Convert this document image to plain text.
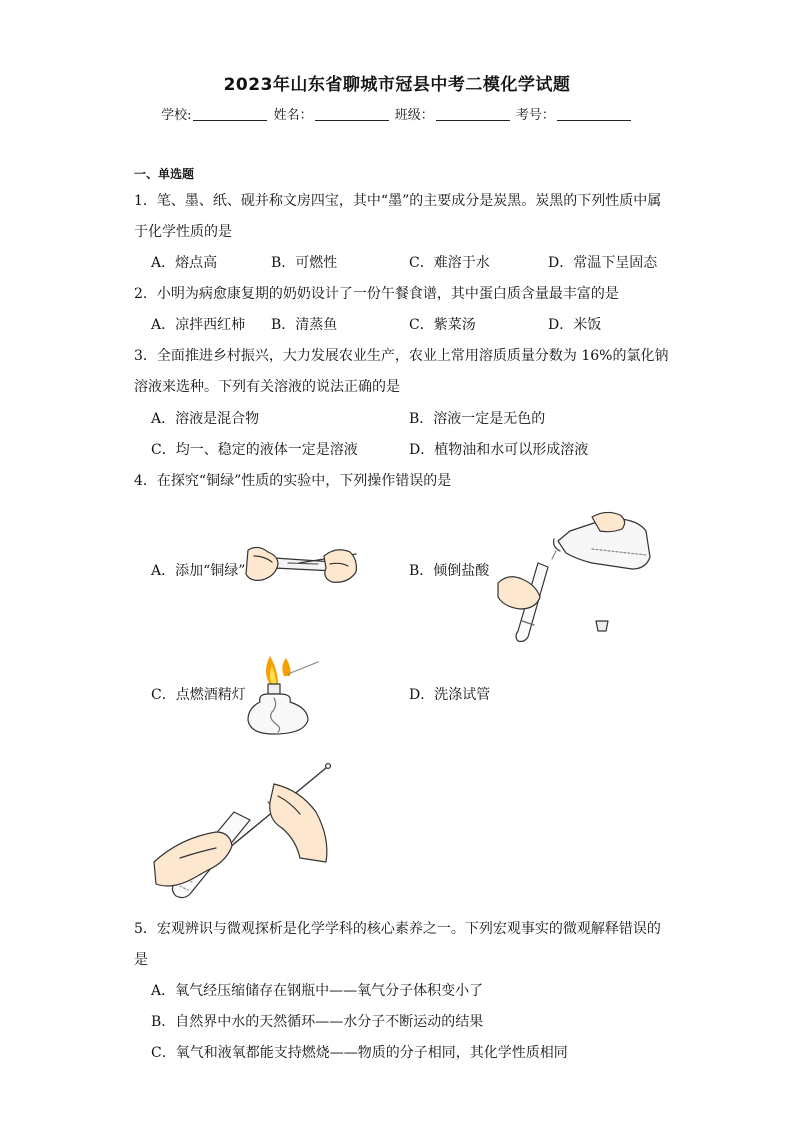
2023年山东省聊城市冠县中考二模化学试题
学校:	姓名：	班级：	考号：
一、单选题
1．笔、墨、纸、砚并称文房四宝，其中“墨”的主要成分是炭黑。炭黑的下列性质中属
于化学性质的是
A．熔点高	B．可燃性	C．难溶于水	D．常温下呈固态
2．小明为病愈康复期的奶奶设计了一份午餐食谱，其中蛋白质含量最丰富的是
A．凉拌西红柿 B．清蒸鱼	C．紫菜汤	D．米饭
3．全面推进乡村振兴，大力发展农业生产，农业上常用溶质质量分数为 16%的氯化钠
溶液来选种。下列有关溶液的说法正确的是
A．溶液是混合物	B．溶液一定是无色的
C．均一、稳定的液体一定是溶液	D．植物油和水可以形成溶液
4．在探究“铜绿”性质的实验中，下列操作错误的是
A．添加“铜绿”	B．倾倒盐酸
C．点燃酒精灯	D．洗涤试管
5．宏观辨识与微观探析是化学学科的核心素养之一。下列宏观事实的微观解释错误的
是
A．氧气经压缩储存在钢瓶中——氧气分子体积变小了
B．自然界中水的天然循环——水分子不断运动的结果
C．氧气和液氧都能支持燃烧——物质的分子相同，其化学性质相同
